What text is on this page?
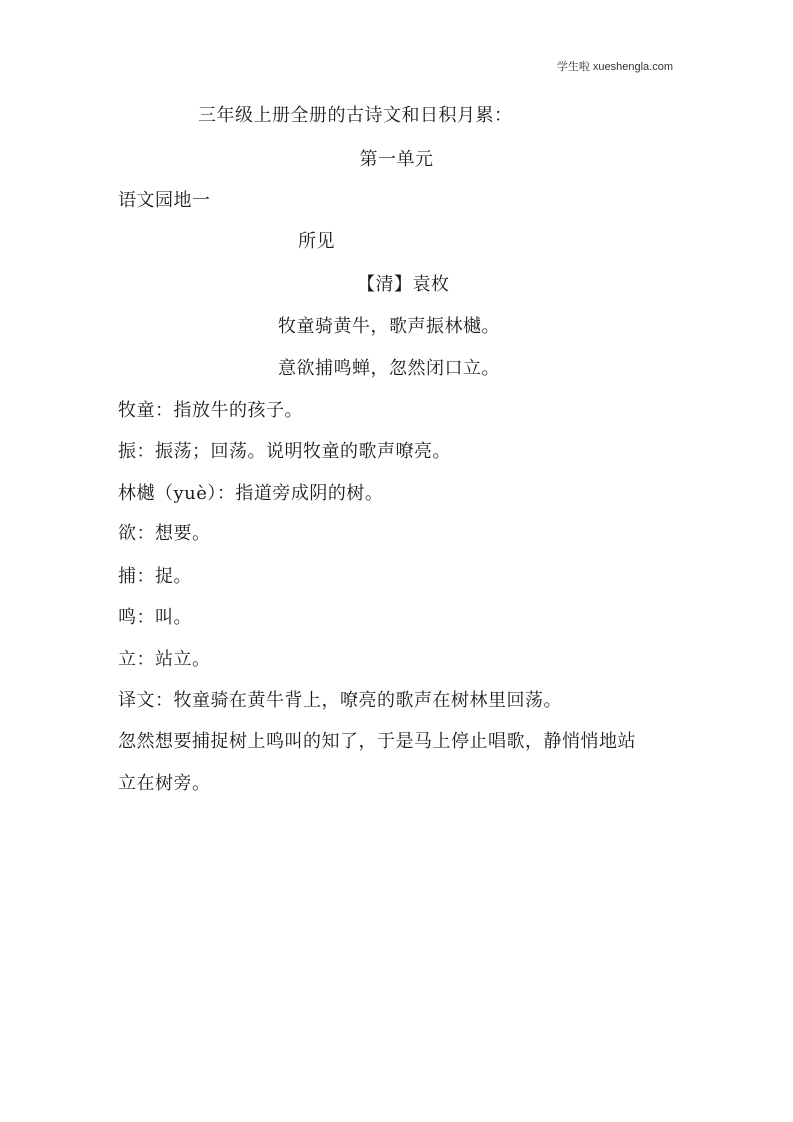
学生啦 xueshengla.com
三年级上册全册的古诗文和日积月累：
第一单元
语文园地一
所见
【清】袁枚
牧童骑黄牛，歌声振林樾。
意欲捕鸣蝉，忽然闭口立。
牧童：指放牛的孩子。
振：振荡；回荡。说明牧童的歌声嘹亮。
林樾（yuè）：指道旁成阴的树。
欲：想要。
捕：捉。
鸣：叫。
立：站立。
译文：牧童骑在黄牛背上，嘹亮的歌声在树林里回荡。
忽然想要捕捉树上鸣叫的知了，于是马上停止唱歌，静悄悄地站
立在树旁。
